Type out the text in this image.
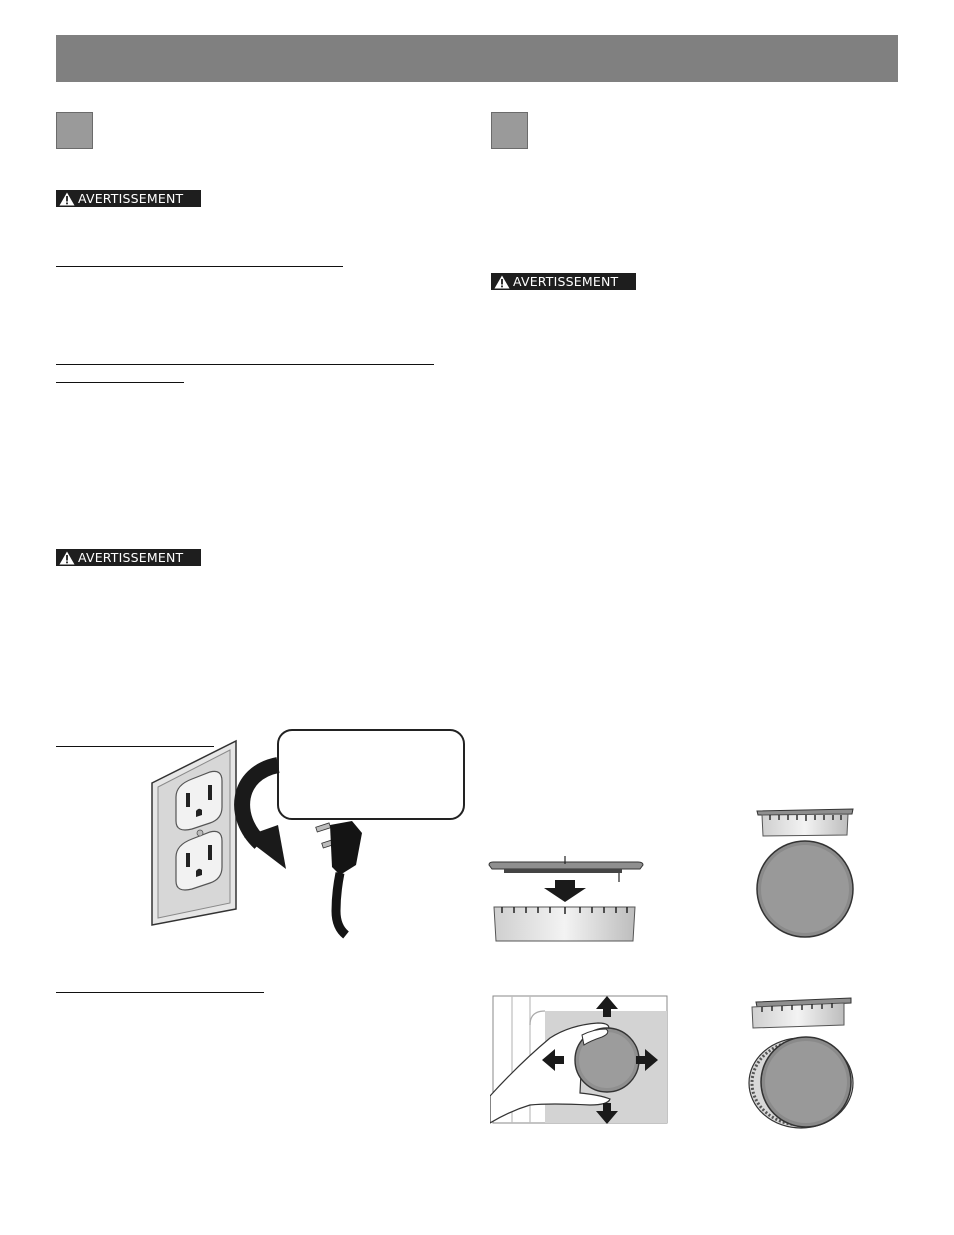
AVERTISSEMENT
AVERTISSEMENT
AVERTISSEMENT
